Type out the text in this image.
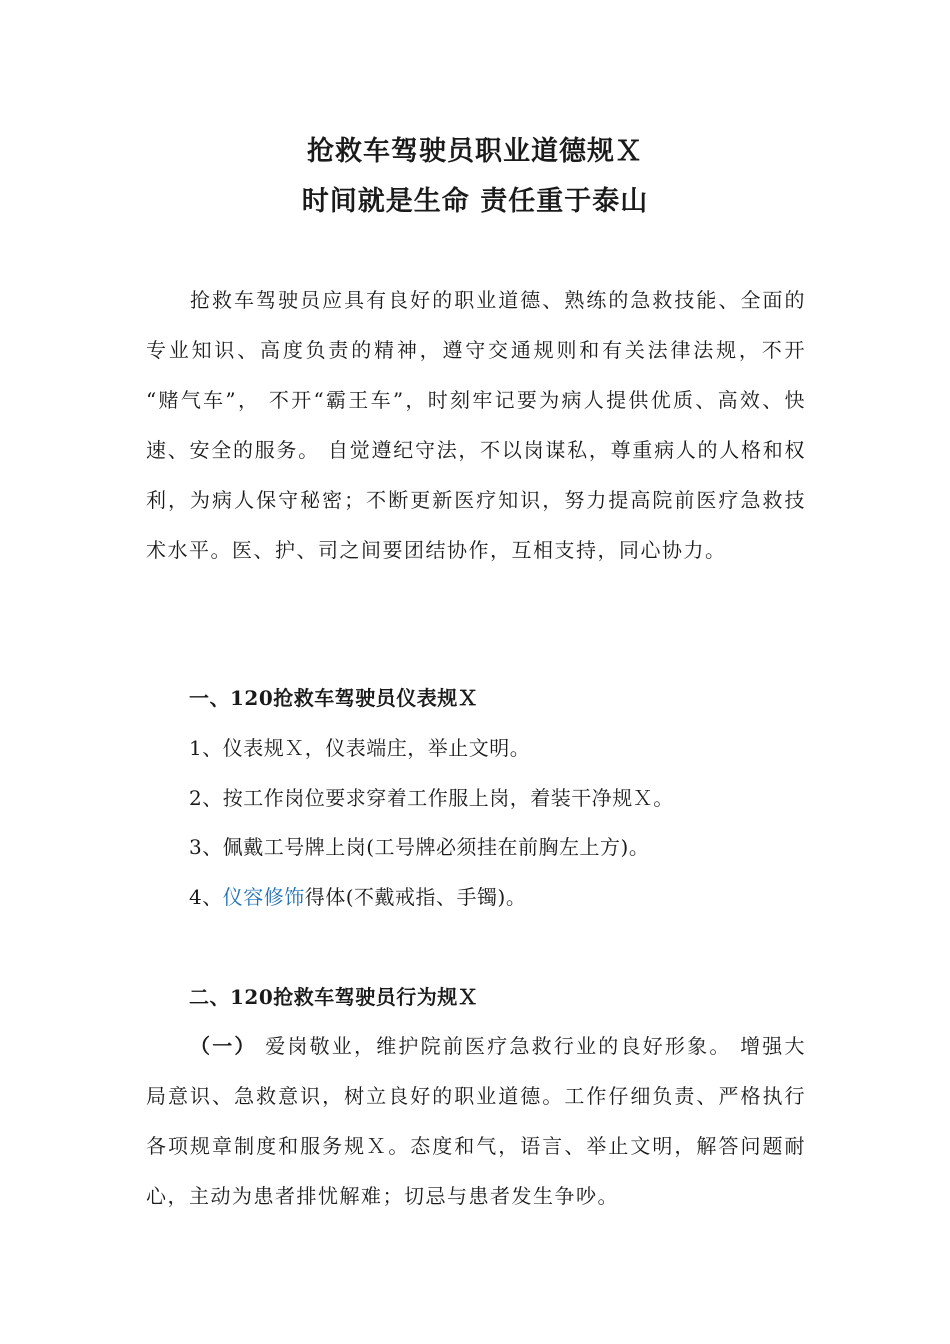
抢救车驾驶员职业道德规Ｘ
时间就是生命 责任重于泰山

抢救车驾驶员应具有良好的职业道德、熟练的急救技能、全面的专业知识、高度负责的精神，遵守交通规则和有关法律法规，不开 “赌气车”， 不开“霸王车”，时刻牢记要为病人提供优质、高效、快速、安全的服务。 自觉遵纪守法，不以岗谋私，尊重病人的人格和权利，为病人保守秘密；不断更新医疗知识，努力提高院前医疗急救技术水平。医、护、司之间要团结协作，互相支持，同心协力。

一、120抢救车驾驶员仪表规Ｘ

1、仪表规Ｘ，仪表端庄，举止文明。

2、按工作岗位要求穿着工作服上岗，着装干净规Ｘ。

3、佩戴工号牌上岗(工号牌必须挂在前胸左上方)。

4、仪容修饰得体(不戴戒指、手镯)。

二、120抢救车驾驶员行为规Ｘ

（一） 爱岗敬业，维护院前医疗急救行业的良好形象。 增强大局意识、急救意识，树立良好的职业道德。工作仔细负责、严格执行各项规章制度和服务规Ｘ。态度和气，语言、举止文明，解答问题耐心，主动为患者排忧解难；切忌与患者发生争吵。
